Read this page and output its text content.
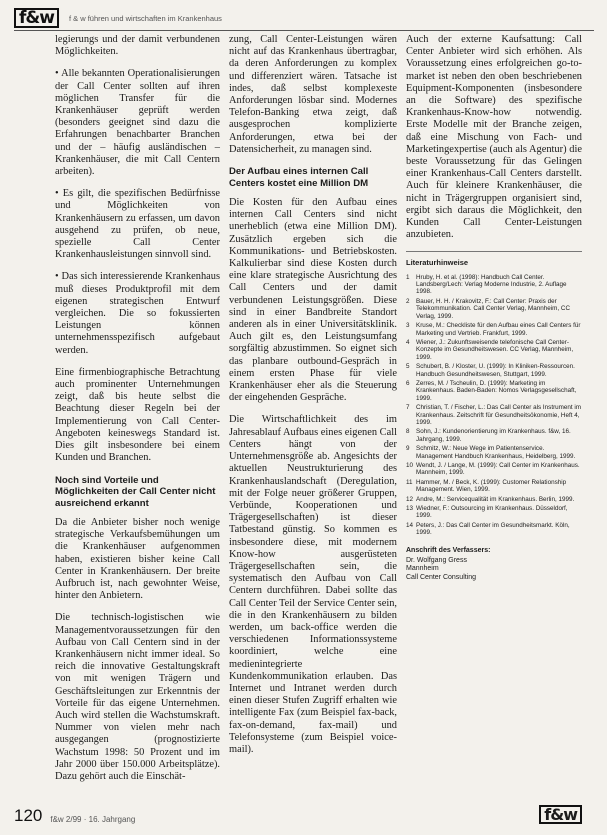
f&w	f & w führen und wirtschaften im Krankenhaus

legierungs und der damit verbundenen Möglichkeiten.

• Alle bekannten Operationalisierungen der Call Center sollten auf ihren möglichen Transfer für die Krankenhäuser geprüft werden (besonders geeignet sind dazu die Erfahrungen benachbarter Branchen und der – häufig ausländischen – Krankenhäuser, die mit Call Centern arbeiten).

• Es gilt, die spezifischen Bedürfnisse und Möglichkeiten von Krankenhäusern zu erfassen, um davon ausgehend zu prüfen, ob neue, spezielle Call Center Krankenhausleistungen sinnvoll sind.

• Das sich interessierende Krankenhaus muß dieses Produktprofil mit dem eigenen strategischen Entwurf vergleichen. Die so fokussierten Leistungen können unternehmensspezifisch aufgebaut werden.

Eine firmenbiographische Betrachtung auch prominenter Unternehmungen zeigt, daß bis heute selbst die Beachtung dieser Regeln bei der Implementierung von Call Center-Angeboten keineswegs Standard ist. Dies gilt insbesondere bei einem Kunden und Branchen.

Noch sind Vorteile und Möglichkeiten der Call Center nicht ausreichend erkannt

Da die Anbieter bisher noch wenige strategische Verkaufsbemühungen um die Krankenhäuser aufgenommen haben, existieren bisher keine Call Center in Krankenhäusern. Der breite Aufbruch ist, nach gewohnter Weise, hinter den Anbietern.

Die technisch-logistischen wie Managementvoraussetzungen für den Aufbau von Call Centern sind in der Krankenhäusern nicht immer ideal. So reich die innovative Gestaltungskraft von mit wenigen Trägern und Geschäftsleitungen zur Erkenntnis der Vorteile für das eigene Unternehmen. Auch wird stellen die Wachstumskraft. Nummer von vielen mehr nach ausgegangen (prognostizierte Wachstum 1998: 50 Prozent und im Jahr 2000 über 150.000 Arbeitsplätze). Dazu gehört auch die Einschät-

zung, Call Center-Leistungen wären nicht auf das Krankenhaus übertragbar, da deren Anforderungen zu komplex und differenziert wären. Tatsache ist indes, daß selbst komplexeste Anforderungen lösbar sind. Modernes Telefon-Banking etwa zeigt, daß ausgesprochen komplizierte Anforderungen, etwa bei der Datensicherheit, zu managen sind.

Der Aufbau eines internen Call Centers kostet eine Million DM

Die Kosten für den Aufbau eines internen Call Centers sind nicht unerheblich (etwa eine Million DM). Zusätzlich ergeben sich die Kommunikations- und Betriebskosten. Kalkulierbar sind diese Kosten durch eine klare strategische Ausrichtung des Call Centers und der damit verbundenen Leistungsgrößen. Diese sind in einer Bandbreite Standort anderen als in einer Universitätsklinik. Auch gilt es, den Leistungsumfang sorgfältig abzustimmen. So eignet sich das planbare outbound-Gespräch in einem ersten Phase für viele Krankenhäuser eher als die Steuerung der eingehenden Gespräche.

Die Wirtschaftlichkeit des im Jahresablauf Aufbaus eines eigenen Call Centers hängt von der Unternehmensgröße ab. Angesichts der aktuellen Neustrukturierung des Krankenhauslandschaft (Deregulation, mit der Folge neuer größerer Gruppen, Verbünde, Kooperationen und Trägergesellschaften) ist dieser Tatbestand günstig. So kommen es insbesondere diese, mit modernem Know-how ausgerüsteten Trägergesellschaften sein, die systematisch den Aufbau von Call Centern durchführen. Dabei sollte das Call Center Teil der Service Center sein, die in den Krankenhäusern zu bilden werden, um back-office werden die verschiedenen Informationssysteme koordiniert, welche eine medienintegrierte Kundenkommunikation erlauben. Das Internet und Intranet werden durch einen dieser Stufen Zugriff erhalten wie intelligente Fax (zum Beispiel fax-back, fax-on-demand, fax-mail) und Telefonsysteme (zum Beispiel voice-mail).

Auch der externe Kaufsattung: Call Center Anbieter wird sich erhöhen. Als Voraussetzung eines erfolgreichen go-to-market ist neben den oben beschriebenen Equipment-Komponenten (insbesondere an die Software) des spezifische Krankenhaus-Know-how notwendig. Erste Modelle mit der Branche zeigen, daß eine Mischung von Fach- und Marketingexpertise (auch als Agentur) die beste Voraussetzung für das Gelingen einer Krankenhaus-Call Centers darstellt. Auch für kleinere Krankenhäuser, die nicht in Trägergruppen organisiert sind, ergibt sich daraus die Möglichkeit, den Kunden Call Center-Leistungen anzubieten.

Literaturhinweise
1	Hruby, H. et al. (1998): Handbuch Call Center. Landsberg/Lech: Verlag Moderne Industrie, 2. Auflage 1998.
2	Bauer, H. H. / Krakovitz, F.: Call Center: Praxis der Telekommunikation. Call Center Verlag, Mannheim, CC Verlag, 1999.
3	Kruse, M.: Checkliste für den Aufbau eines Call Centers für Marketing und Vertrieb. Frankfurt, 1999.
4	Wiener, J.: Zukunftsweisende telefonische Call Center-Konzepte im Gesundheitswesen. CC Verlag, Mannheim, 1999.
5	Schubert, B. / Kloster, U. (1999): In Kliniken-Ressourcen. Handbuch Gesundheitswesen, Stuttgart, 1999.
6	Zerres, M. / Tscheulin, D. (1999): Marketing im Krankenhaus. Baden-Baden: Nomos Verlagsgesellschaft, 1999.
7	Christian, T. / Fischer, L.: Das Call Center als Instrument im Krankenhaus. Zeitschrift für Gesundheitsökonomie, Heft 4, 1999.
8	Sohn, J.: Kundenorientierung im Krankenhaus. f&w, 16. Jahrgang, 1999.
9	Schmitz, W.: Neue Wege im Patientenservice. Management Handbuch Krankenhaus, Heidelberg, 1999.
10 Wendt, J. / Lange, M. (1999): Call Center im Krankenhaus. Mannheim, 1999.
11 Hammer, M. / Beck, K. (1999): Customer Relationship Management. Wien, 1999.
12 Andre, M.: Servicequalität im Krankenhaus. Berlin, 1999.
13 Wiedner, F.: Outsourcing im Krankenhaus. Düsseldorf, 1999.
14 Peters, J.: Das Call Center im Gesundheitsmarkt. Köln, 1999.
Anschrift des Verfassers:
Dr. Wolfgang Gress
Mannheim
Call Center Consulting
120 f&w 2/99 · 16. Jahrgang	f&w
